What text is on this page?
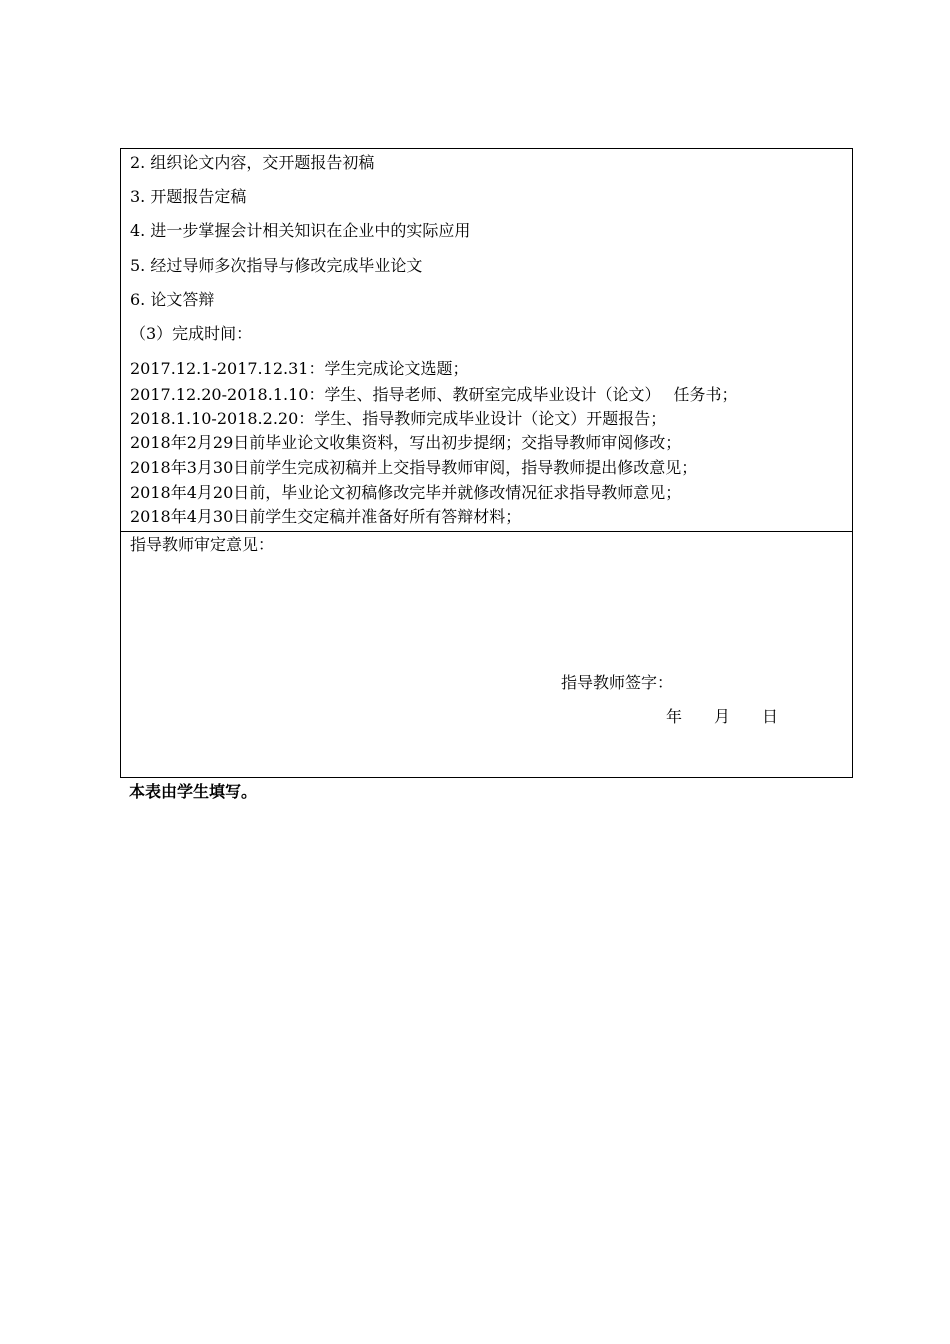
2. 组织论文内容，交开题报告初稿
3. 开题报告定稿
4. 进一步掌握会计相关知识在企业中的实际应用
5. 经过导师多次指导与修改完成毕业论文
6. 论文答辩
（3）完成时间：
2017.12.1-2017.12.31：学生完成论文选题；
2017.12.20-2018.1.10：学生、指导老师、教研室完成毕业设计（论文）　 任务书；
2018.1.10-2018.2.20：学生、指导教师完成毕业设计（论文）开题报告；
2018年2月29日前毕业论文收集资料，写出初步提纲；交指导教师审阅修改；
2018年3月30日前学生完成初稿并上交指导教师审阅，指导教师提出修改意见；
2018年4月20日前，毕业论文初稿修改完毕并就修改情况征求指导教师意见；
2018年4月30日前学生交定稿并准备好所有答辩材料；
指导教师审定意见：
指导教师签字：
年 月 日
本表由学生填写。
